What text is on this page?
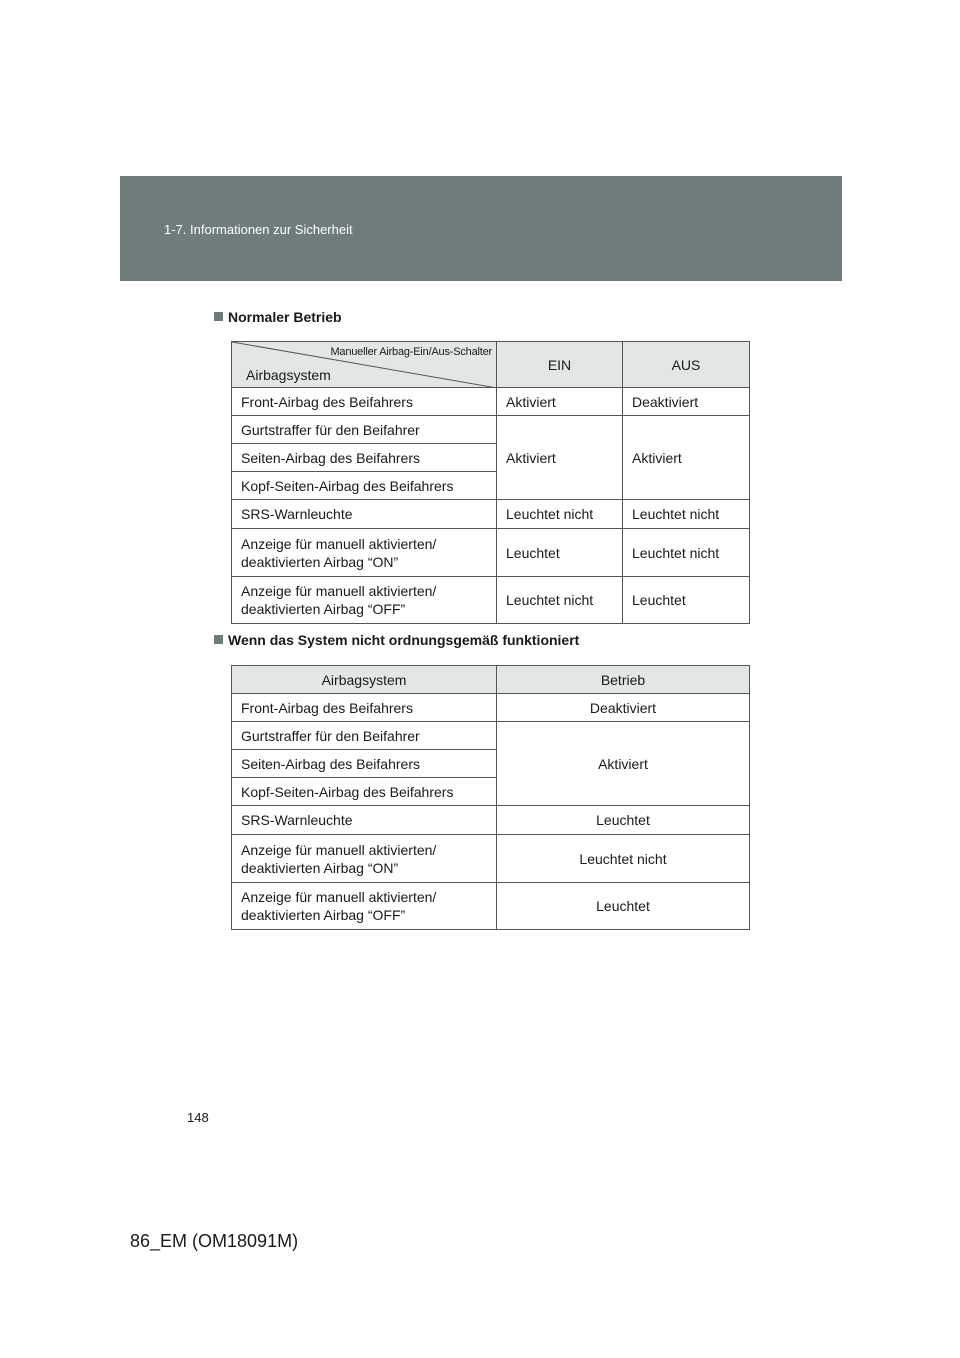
1-7. Informationen zur Sicherheit
Normaler Betrieb
Manueller Airbag-Ein/Aus-Schalter
Airbagsystem	EIN	AUS
Front-Airbag des Beifahrers	Aktiviert	Deaktiviert
Gurtstraffer für den Beifahrer	Aktiviert	Aktiviert
Seiten-Airbag des Beifahrers		
Kopf-Seiten-Airbag des Beifahrers		
SRS-Warnleuchte	Leuchtet nicht	Leuchtet nicht
Anzeige für manuell aktivierten/
deaktivierten Airbag “ON”	Leuchtet	Leuchtet nicht
Anzeige für manuell aktivierten/
deaktivierten Airbag “OFF”	Leuchtet nicht	Leuchtet
Wenn das System nicht ordnungsgemäß funktioniert
Airbagsystem	Betrieb
Front-Airbag des Beifahrers	Deaktiviert
Gurtstraffer für den Beifahrer	Aktiviert
Seiten-Airbag des Beifahrers	
Kopf-Seiten-Airbag des Beifahrers	
SRS-Warnleuchte	Leuchtet
Anzeige für manuell aktivierten/
deaktivierten Airbag “ON”	Leuchtet nicht
Anzeige für manuell aktivierten/
deaktivierten Airbag “OFF”	Leuchtet
148
86_EM (OM18091M)
